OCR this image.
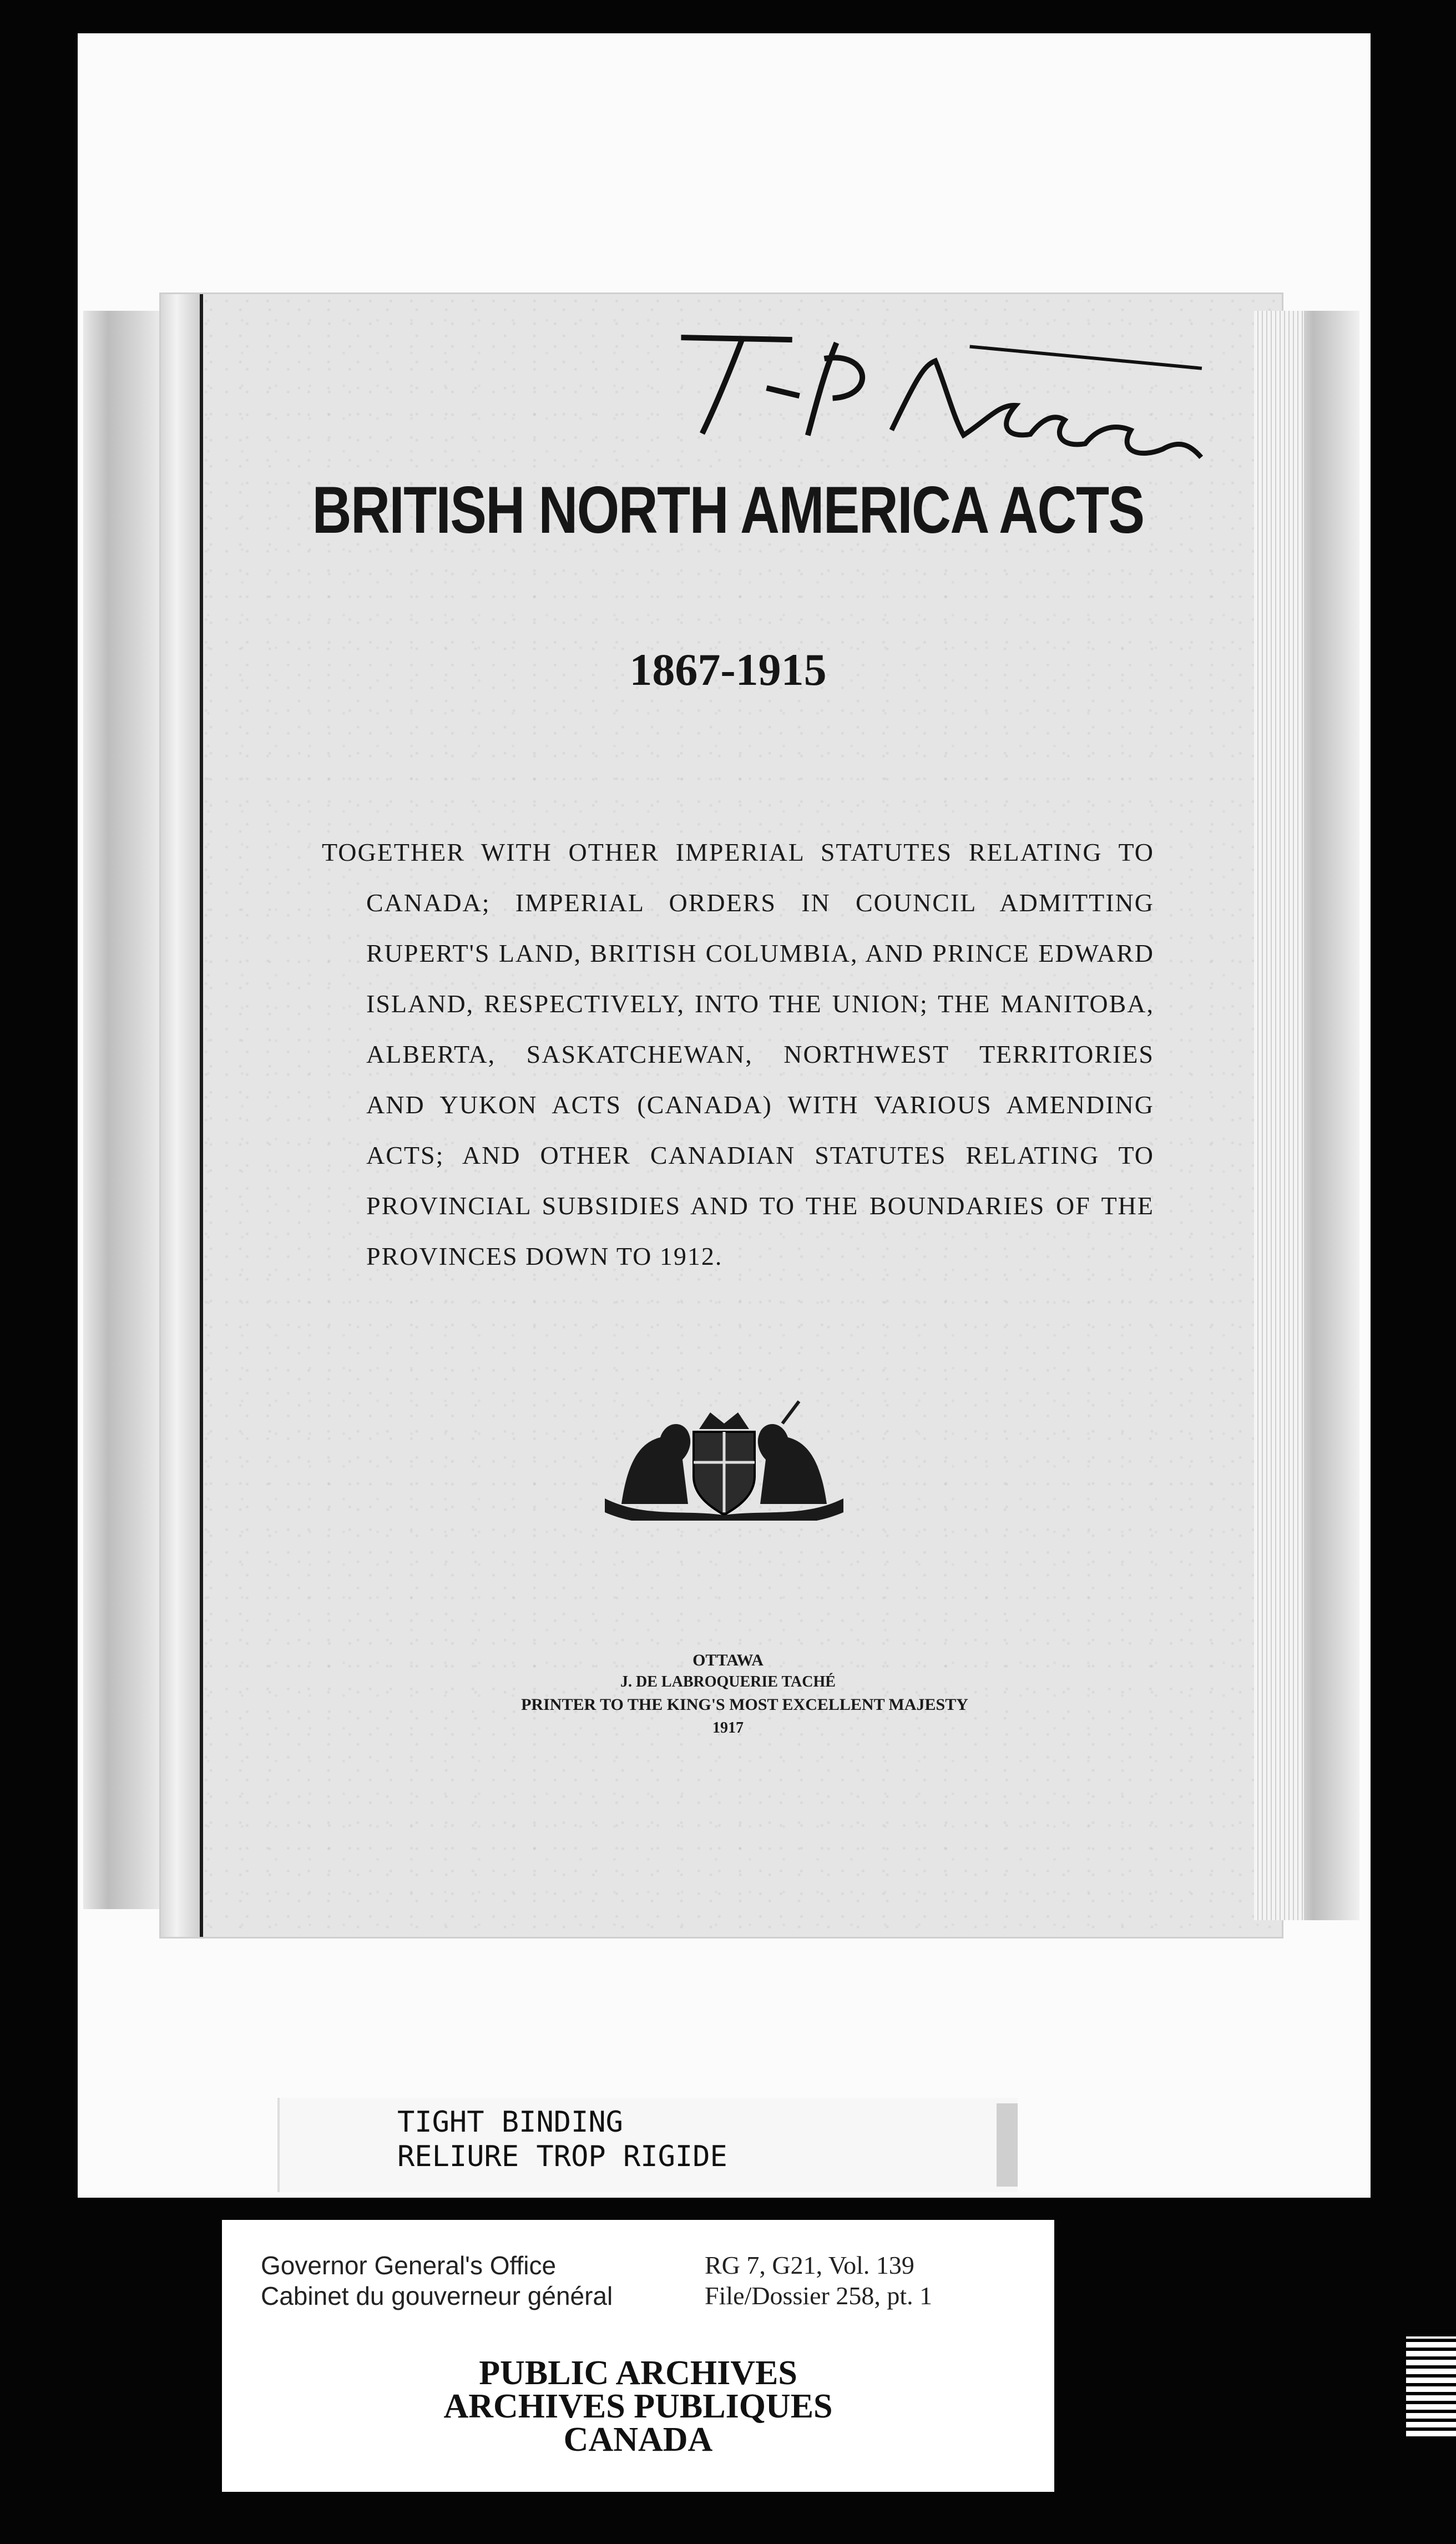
BRITISH NORTH AMERICA ACTS
1867-1915
TOGETHER WITH OTHER IMPERIAL STATUTES RELATING TO
CANADA; IMPERIAL ORDERS IN COUNCIL ADMITTING
RUPERT'S LAND, BRITISH COLUMBIA, AND PRINCE EDWARD
ISLAND, RESPECTIVELY, INTO THE UNION; THE MANITOBA,
ALBERTA, SASKATCHEWAN, NORTHWEST TERRITORIES
AND YUKON ACTS (CANADA) WITH VARIOUS AMENDING
ACTS; AND OTHER CANADIAN STATUTES RELATING TO
PROVINCIAL SUBSIDIES AND TO THE BOUNDARIES OF THE
PROVINCES DOWN TO 1912.
OTTAWA
J. DE LABROQUERIE TACHÉ
PRINTER TO THE KING'S MOST EXCELLENT MAJESTY
1917
TIGHT BINDING
RELIURE TROP RIGIDE
Governor General's Office
Cabinet du gouverneur général
RG 7, G21, Vol. 139
File/Dossier 258, pt. 1
PUBLIC ARCHIVES
ARCHIVES PUBLIQUES
CANADA
